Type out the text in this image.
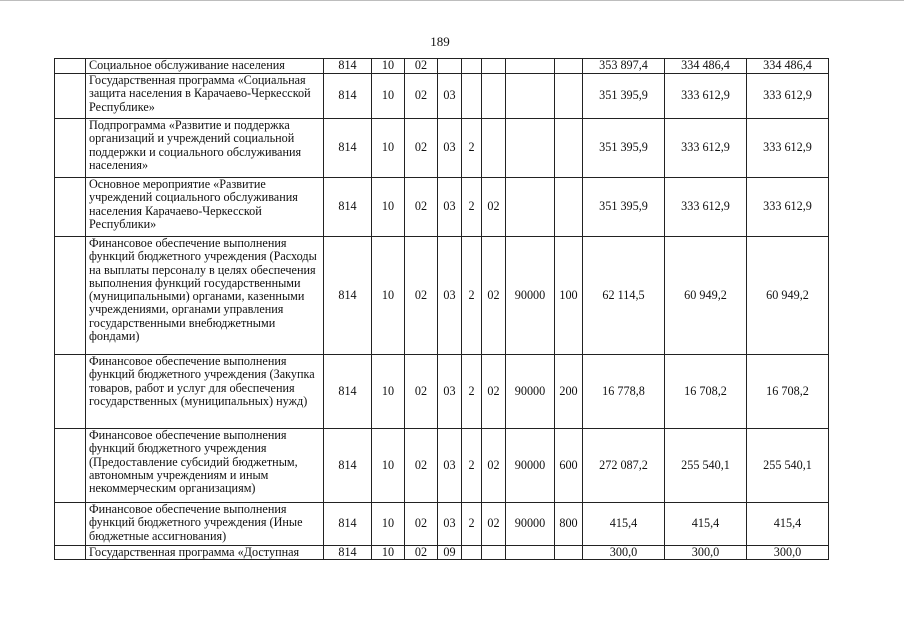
189
	Социальное обслуживание населения	814	10	02						353 897,4	334 486,4	334 486,4
	Государственная программа «Социальная защита населения в Карачаево-Черкесской Республике»	814	10	02	03					351 395,9	333 612,9	333 612,9
	Подпрограмма «Развитие и поддержка организаций и учреждений социальной поддержки и социального обслуживания населения»	814	10	02	03	2				351 395,9	333 612,9	333 612,9
	Основное мероприятие «Развитие учреждений социального обслуживания населения Карачаево-Черкесской Республики»	814	10	02	03	2	02			351 395,9	333 612,9	333 612,9
	Финансовое обеспечение выполнения функций бюджетного учреждения (Расходы на выплаты персоналу в целях обеспечения выполнения функций государственными (муниципальными) органами, казенными учреждениями, органами управления государственными внебюджетными фондами)	814	10	02	03	2	02	90000	100	62 114,5	60 949,2	60 949,2
	Финансовое обеспечение выполнения функций бюджетного учреждения (Закупка товаров, работ и услуг для обеспечения государственных (муниципальных) нужд)	814	10	02	03	2	02	90000	200	16 778,8	16 708,2	16 708,2
	Финансовое обеспечение выполнения функций бюджетного учреждения (Предоставление субсидий бюджетным, автономным учреждениям и иным некоммерческим организациям)	814	10	02	03	2	02	90000	600	272 087,2	255 540,1	255 540,1
	Финансовое обеспечение выполнения функций бюджетного учреждения (Иные бюджетные ассигнования)	814	10	02	03	2	02	90000	800	415,4	415,4	415,4
	Государственная программа «Доступная	814	10	02	09					300,0	300,0	300,0
